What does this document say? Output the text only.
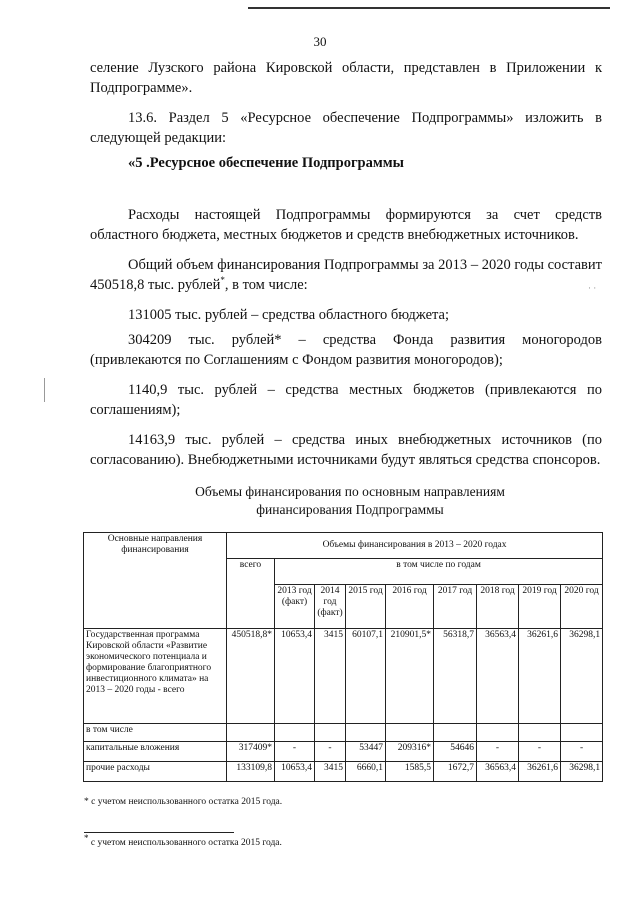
30
селение Лузского района Кировской области, представлен в Приложении к Подпрограмме».
13.6. Раздел 5 «Ресурсное обеспечение Подпрограммы» изложить в следующей редакции:
«5 .Ресурсное обеспечение Подпрограммы
Расходы настоящей Подпрограммы формируются за счет средств областного бюджета, местных бюджетов и средств внебюджетных источников.
Общий объем финансирования Подпрограммы за 2013 – 2020 годы составит 450518,8 тыс. рублей*, в том числе:	· ·
131005 тыс. рублей – средства областного бюджета;
304209 тыс. рублей* – средства Фонда развития моногородов (привлекаются по Соглашениям с Фондом развития моногородов);
1140,9 тыс. рублей – средства местных бюджетов (привлекаются по соглашениям);
14163,9 тыс. рублей – средства иных внебюджетных источников (по согласованию). Внебюджетными источниками будут являться средства спонсоров.
Объемы финансирования по основным направлениям
финансирования Подпрограммы
Основные направления финансирования	Объемы финансирования в 2013 – 2020 годах								
	всего	в том числе по годам							
		2013 год (факт)	2014 год (факт)	2015 год	2016 год	2017 год	2018 год	2019 год	2020 год
Государственная программа Кировской области «Развитие экономического потенциала и формирование благоприятного инвестиционного климата» на 2013 – 2020 годы - всего	450518,8*	10653,4	3415	60107,1	210901,5*	56318,7	36563,4	36261,6	36298,1
в том числе									
капитальные вложения	317409*	-	-	53447	209316*	54646	-	-	-
прочие расходы	133109,8	10653,4	3415	6660,1	1585,5	1672,7	36563,4	36261,6	36298,1
* с учетом неиспользованного остатка 2015 года.
* с учетом неиспользованного остатка 2015 года.
